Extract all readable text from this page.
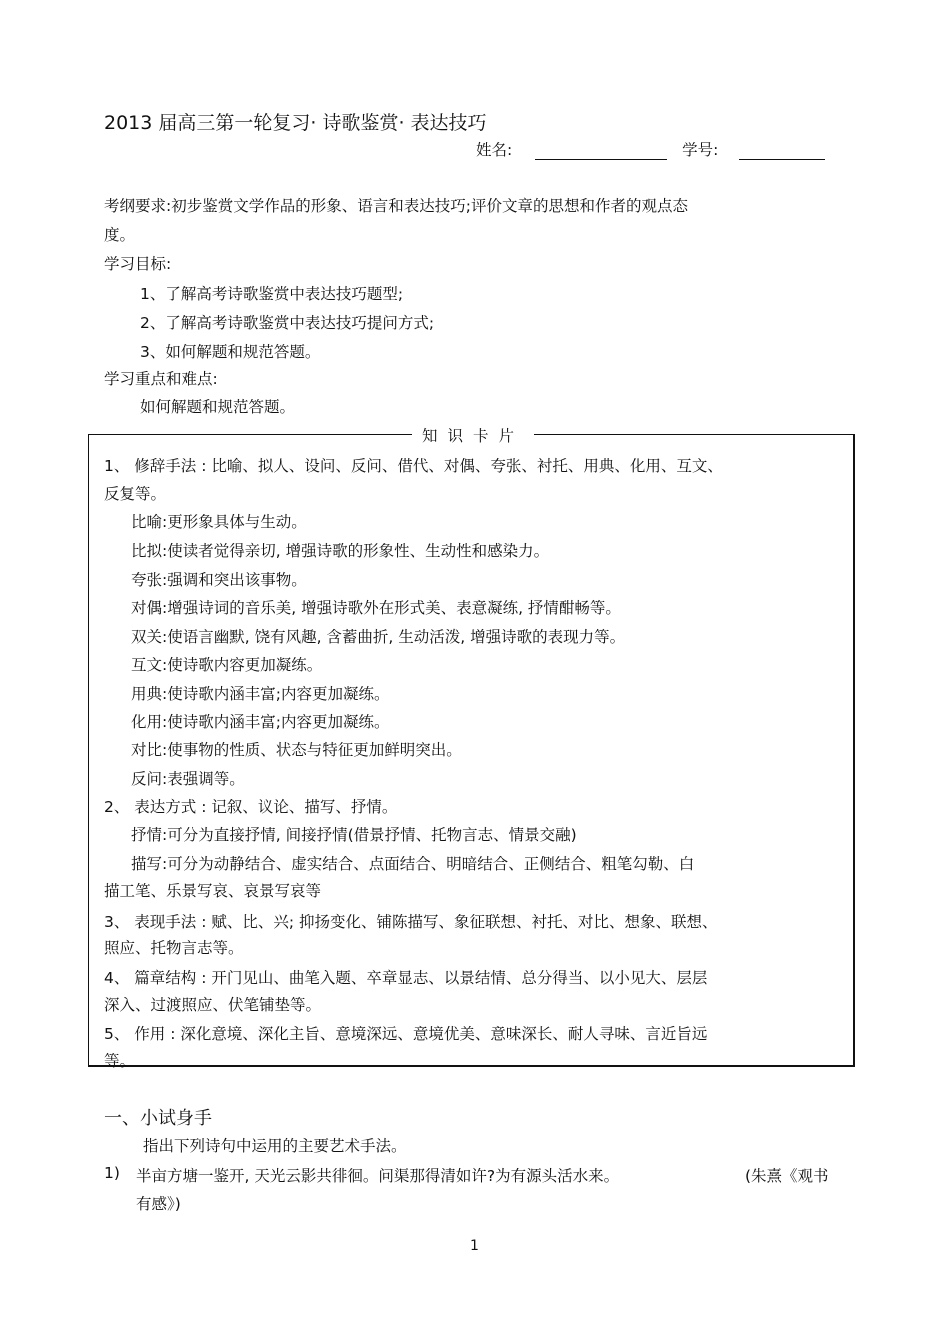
2013 届高三第一轮复习· 诗歌鉴赏· 表达技巧
姓名:	学号:
考纲要求:初步鉴赏文学作品的形象、语言和表达技巧;评价文章的思想和作者的观点态
度。
学习目标:
1、了解高考诗歌鉴赏中表达技巧题型;
2、了解高考诗歌鉴赏中表达技巧提问方式;
3、如何解题和规范答题。
学习重点和难点:
如何解题和规范答题。
知识卡片
1、 修辞手法 : 比喻、拟人、设问、反问、借代、对偶、夸张、衬托、用典、化用、互文、
反复等。
比喻:更形象具体与生动。
比拟:使读者觉得亲切, 增强诗歌的形象性、生动性和感染力。
夸张:强调和突出该事物。
对偶:增强诗词的音乐美, 增强诗歌外在形式美、表意凝练, 抒情酣畅等。
双关:使语言幽默, 饶有风趣, 含蓄曲折, 生动活泼, 增强诗歌的表现力等。
互文:使诗歌内容更加凝练。
用典:使诗歌内涵丰富;内容更加凝练。
化用:使诗歌内涵丰富;内容更加凝练。
对比:使事物的性质、状态与特征更加鲜明突出。
反问:表强调等。
2、 表达方式 : 记叙、议论、描写、抒情。
抒情:可分为直接抒情, 间接抒情(借景抒情、托物言志、情景交融)
描写:可分为动静结合、虚实结合、点面结合、明暗结合、正侧结合、粗笔勾勒、白
描工笔、乐景写哀、哀景写哀等
3、 表现手法 : 赋、比、兴; 抑扬变化、铺陈描写、象征联想、衬托、对比、想象、联想、
照应、托物言志等。
4、 篇章结构 : 开门见山、曲笔入题、卒章显志、以景结情、总分得当、以小见大、层层
深入、过渡照应、伏笔铺垫等。
5、 作用 : 深化意境、深化主旨、意境深远、意境优美、意味深长、耐人寻味、言近旨远
等。
一、小试身手
指出下列诗句中运用的主要艺术手法。
1) 半亩方塘一鉴开, 天光云影共徘徊。问渠那得清如许?为有源头活水来。	(朱熹《观书
有感》)
1
